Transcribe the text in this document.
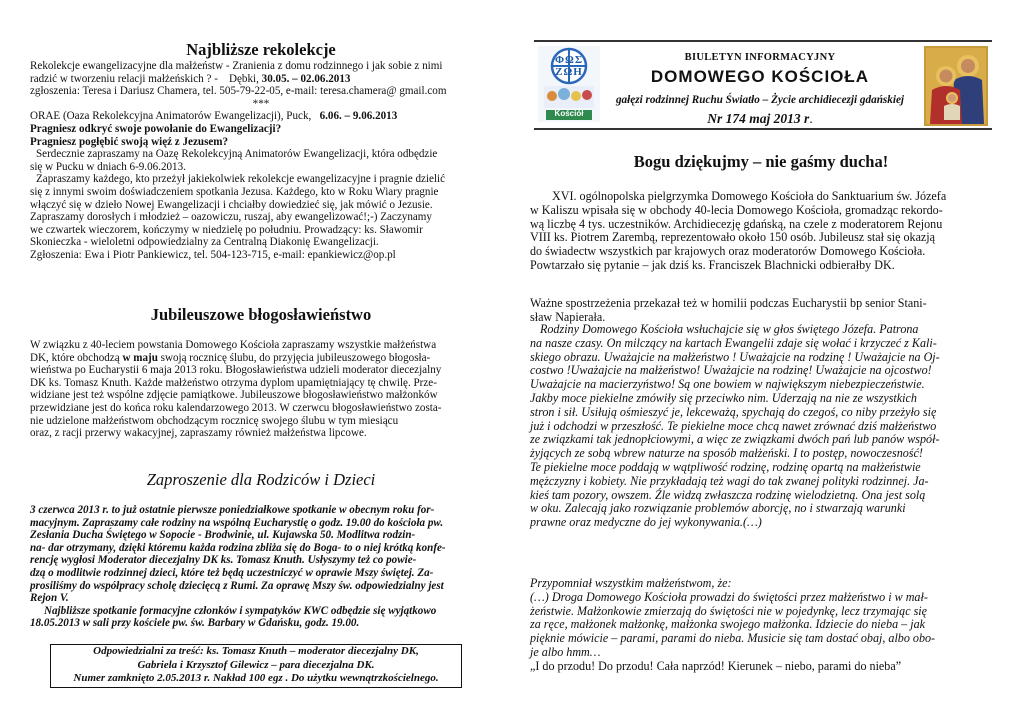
Najbliższe rekolekcje

Rekolekcje ewangelizacyjne dla małżeństw - Zranienia z domu rodzinnego i jak sobie z nimi

radzić w tworzeniu relacji małżeńskich ? - Dębki, 30.05. – 02.06.2013

zgłoszenia: Teresa i Dariusz Chamera, tel. 505-79-22-05, e-mail: teresa.chamera@ gmail.com

***

ORAE (Oaza Rekolekcyjna Animatorów Ewangelizacji), Puck, 6.06. – 9.06.2013

Pragniesz odkryć swoje powołanie do Ewangelizacji?

Pragniesz pogłębić swoją więź z Jezusem?

Serdecznie zapraszamy na Oazę Rekolekcyjną Animatorów Ewangelizacji, która odbędzie

się w Pucku w dniach 6-9.06.2013.

Zapraszamy każdego, kto przeżył jakiekolwiek rekolekcje ewangelizacyjne i pragnie dzielić

się z innymi swoim doświadczeniem spotkania Jezusa. Każdego, kto w Roku Wiary pragnie

włączyć się w dzieło Nowej Ewangelizacji i chciałby dowiedzieć się, jak mówić o Jezusie.

Zapraszamy dorosłych i młodzież – oazowiczu, ruszaj, aby ewangelizować!;-) Zaczynamy

we czwartek wieczorem, kończymy w niedzielę po południu. Prowadzący: ks. Sławomir

Skonieczka - wieloletni odpowiedzialny za Centralną Diakonię Ewangelizacji.

Zgłoszenia: Ewa i Piotr Pankiewicz, tel. 504-123-715, e-mail: epankiewicz@op.pl

Jubileuszowe błogosławieństwo

W związku z 40-leciem powstania Domowego Kościoła zapraszamy wszystkie małżeństwa

DK, które obchodzą w maju swoją rocznicę ślubu, do przyjęcia jubileuszowego błogosła-

wieństwa po Eucharystii 6 maja 2013 roku. Błogosławieństwa udzieli moderator diecezjalny

DK ks. Tomasz Knuth. Każde małżeństwo otrzyma dyplom upamiętniający tę chwilę. Prze-

widziane jest też wspólne zdjęcie pamiątkowe. Jubileuszowe błogosławieństwo małżonków

przewidziane jest do końca roku kalendarzowego 2013. W czerwcu błogosławieństwo zosta-

nie udzielone małżeństwom obchodzącym rocznicę swojego ślubu w tym miesiącu

oraz, z racji przerwy wakacyjnej, zapraszamy również małżeństwa lipcowe.

Zaproszenie dla Rodziców i Dzieci

3 czerwca 2013 r. to już ostatnie pierwsze poniedziałkowe spotkanie w obecnym roku for-

macyjnym. Zapraszamy całe rodziny na wspólną Eucharystię o godz. 19.00 do kościoła pw.

Zesłania Ducha Świętego w Sopocie - Brodwinie, ul. Kujawska 50. Modlitwa rodzin-

na- dar otrzymany, dzięki któremu każda rodzina zbliża się do Boga- to o niej krótką konfe-

rencję wygłosi Moderator diecezjalny DK ks. Tomasz Knuth. Usłyszymy też co powie-

dzą o modlitwie rodzinnej dzieci, które też będą uczestniczyć w oprawie Mszy świętej. Za-

prosiliśmy do współpracy scholę dziecięcą z Rumi. Za oprawę Mszy św. odpowiedzialny jest

Rejon V.

Najbliższe spotkanie formacyjne członków i sympatyków KWC odbędzie się wyjątkowo

18.05.2013 w sali przy kościele pw. św. Barbary w Gdańsku, godz. 19.00.

Odpowiedzialni za treść: ks. Tomasz Knuth – moderator diecezjalny DK,

Gabriela i Krzysztof Gilewicz – para diecezjalna DK.

Numer zamknięto 2.05.2013 r. Nakład 100 egz . Do użytku wewnątrzkościelnego.

ΦΩΣ ΖΩΗ
Kościół
BIULETYN INFORMACYJNY
DOMOWEGO KOŚCIOŁA
gałęzi rodzinnej Ruchu Światło – Życie archidiecezji gdańskiej
Nr 174 maj 2013 r.
Bogu dziękujmy – nie gaśmy ducha!

XVI. ogólnopolska pielgrzymka Domowego Kościoła do Sanktuarium św. Józefa

w Kaliszu wpisała się w obchody 40-lecia Domowego Kościoła, gromadząc rekordo-

wą liczbę 4 tys. uczestników. Archidiecezję gdańską, na czele z moderatorem Rejonu

VIII ks. Piotrem Zarembą, reprezentowało około 150 osób. Jubileusz stał się okazją

do świadectw wszystkich par krajowych oraz moderatorów Domowego Kościoła.

Powtarzało się pytanie – jak dziś ks. Franciszek Blachnicki odbierałby DK.

Ważne spostrzeżenia przekazał też w homilii podczas Eucharystii bp senior Stani-

sław Napierała.

Rodziny Domowego Kościoła wsłuchajcie się w głos świętego Józefa. Patrona

na nasze czasy. On milczący na kartach Ewangelii zdaje się wołać i krzyczeć z Kali-

skiego obrazu. Uważajcie na małżeństwo ! Uważajcie na rodzinę ! Uważajcie na Oj-

costwo !Uważajcie na małżeństwo! Uważajcie na rodzinę! Uważajcie na ojcostwo!

Uważajcie na macierzyństwo! Są one bowiem w największym niebezpieczeństwie.

Jakby moce piekielne zmówiły się przeciwko nim. Uderzają na nie ze wszystkich

stron i sił. Usiłują ośmieszyć je, lekceważą, spychają do czegoś, co niby przeżyło się

już i odchodzi w przeszłość. Te piekielne moce chcą nawet zrównać dziś małżeństwo

ze związkami tak jednopłciowymi, a więc ze związkami dwóch pań lub panów współ-

żyjących ze sobą wbrew naturze na sposób małżeński. I to postęp, nowoczesność!

Te piekielne moce poddają w wątpliwość rodzinę, rodzinę opartą na małżeństwie

mężczyzny i kobiety. Nie przykładają też wagi do tak zwanej polityki rodzinnej. Ja-

kieś tam pozory, owszem. Źle widzą zwłaszcza rodzinę wielodzietną. Ona jest solą

w oku. Zalecają jako rozwiązanie problemów aborcję, no i stwarzają warunki

prawne oraz medyczne do jej wykonywania.(…)

Przypomniał wszystkim małżeństwom, że:

(…) Droga Domowego Kościoła prowadzi do świętości przez małżeństwo i w mał-

żeństwie. Małżonkowie zmierzają do świętości nie w pojedynkę, lecz trzymając się

za ręce, małżonek małżonkę, małżonka swojego małżonka. Idziecie do nieba – jak

pięknie mówicie – parami, parami do nieba. Musicie się tam dostać obaj, albo obo-

je albo hmm…

„I do przodu! Do przodu! Cała naprzód! Kierunek – niebo, parami do nieba”
